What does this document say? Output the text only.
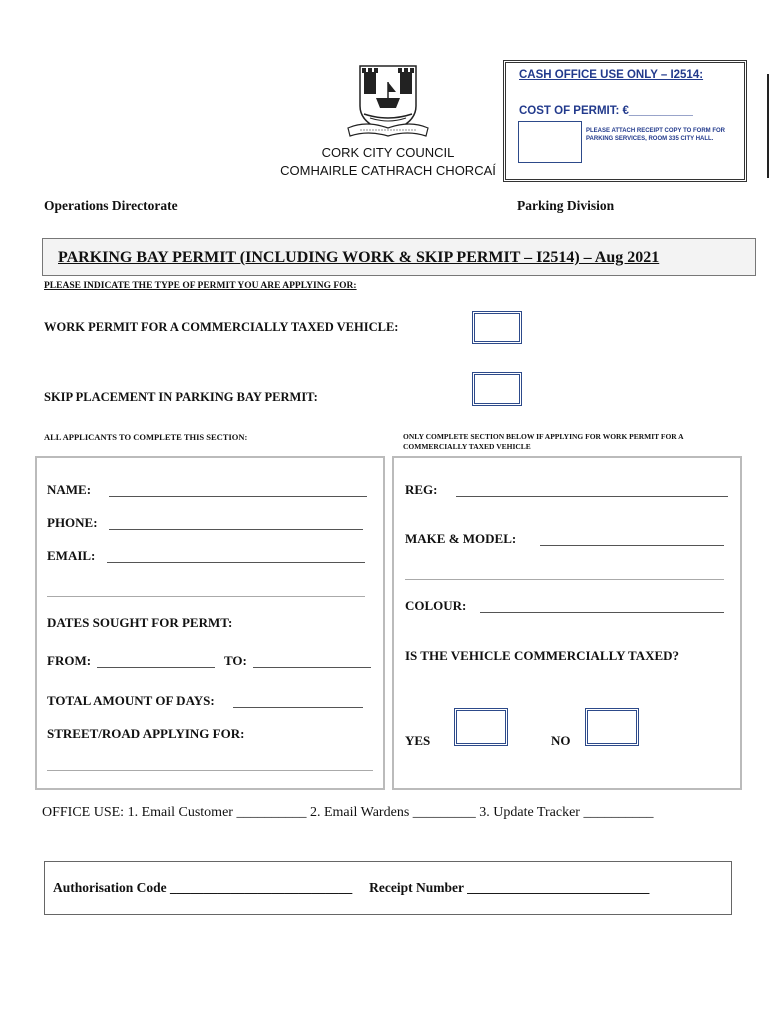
CORK CITY COUNCIL
COMHAIRLE CATHRACH CHORCAÍ
CASH OFFICE USE ONLY – I2514:
COST OF PERMIT: €__________
PLEASE ATTACH RECEIPT COPY TO FORM FOR PARKING SERVICES, ROOM 335 CITY HALL.
Operations Directorate	Parking Division
PARKING BAY PERMIT (INCLUDING WORK & SKIP PERMIT – I2514) – Aug 2021
PLEASE INDICATE THE TYPE OF PERMIT YOU ARE APPLYING FOR:
WORK PERMIT FOR A COMMERCIALLY TAXED VEHICLE:
SKIP PLACEMENT IN PARKING BAY PERMIT:
ALL APPLICANTS TO COMPLETE THIS SECTION:	ONLY COMPLETE SECTION BELOW IF APPLYING FOR WORK PERMIT FOR A COMMERCIALLY TAXED VEHICLE
NAME:
PHONE:
EMAIL:
DATES SOUGHT FOR PERMT:
FROM:	TO:
TOTAL AMOUNT OF DAYS:
STREET/ROAD APPLYING FOR:
REG:
MAKE & MODEL:
COLOUR:
IS THE VEHICLE COMMERCIALLY TAXED?
YES	NO
OFFICE USE: 1. Email Customer __________ 2. Email Wardens _________ 3. Update Tracker __________
Authorisation Code ___________________________     Receipt Number ___________________________
